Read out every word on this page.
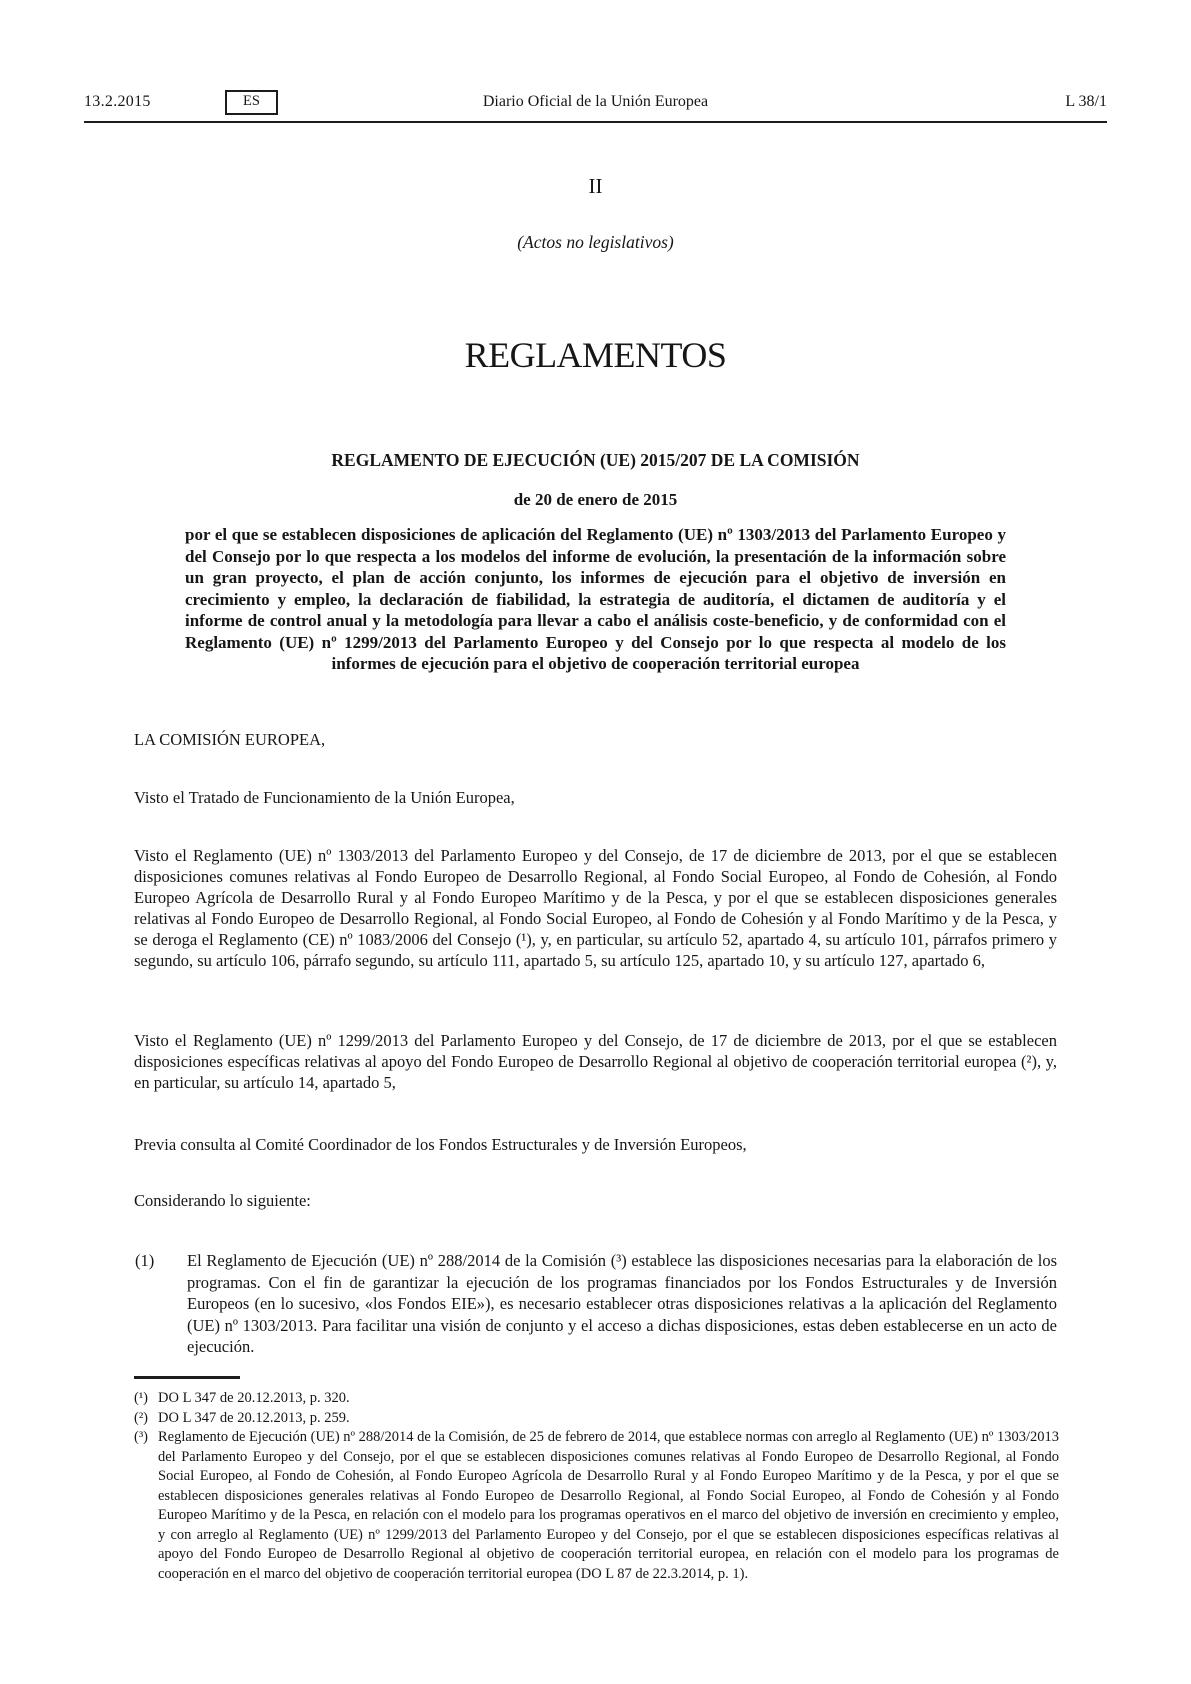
13.2.2015	ES	Diario Oficial de la Unión Europea	L 38/1
II
(Actos no legislativos)
REGLAMENTOS
REGLAMENTO DE EJECUCIÓN (UE) 2015/207 DE LA COMISIÓN
de 20 de enero de 2015
por el que se establecen disposiciones de aplicación del Reglamento (UE) nº 1303/2013 del Parlamento Europeo y del Consejo por lo que respecta a los modelos del informe de evolución, la presentación de la información sobre un gran proyecto, el plan de acción conjunto, los informes de ejecución para el objetivo de inversión en crecimiento y empleo, la declaración de fiabilidad, la estrategia de auditoría, el dictamen de auditoría y el informe de control anual y la metodología para llevar a cabo el análisis coste-beneficio, y de conformidad con el Reglamento (UE) nº 1299/2013 del Parlamento Europeo y del Consejo por lo que respecta al modelo de los informes de ejecución para el objetivo de cooperación territorial europea
LA COMISIÓN EUROPEA,
Visto el Tratado de Funcionamiento de la Unión Europea,
Visto el Reglamento (UE) nº 1303/2013 del Parlamento Europeo y del Consejo, de 17 de diciembre de 2013, por el que se establecen disposiciones comunes relativas al Fondo Europeo de Desarrollo Regional, al Fondo Social Europeo, al Fondo de Cohesión, al Fondo Europeo Agrícola de Desarrollo Rural y al Fondo Europeo Marítimo y de la Pesca, y por el que se establecen disposiciones generales relativas al Fondo Europeo de Desarrollo Regional, al Fondo Social Europeo, al Fondo de Cohesión y al Fondo Marítimo y de la Pesca, y se deroga el Reglamento (CE) nº 1083/2006 del Consejo (¹), y, en particular, su artículo 52, apartado 4, su artículo 101, párrafos primero y segundo, su artículo 106, párrafo segundo, su artículo 111, apartado 5, su artículo 125, apartado 10, y su artículo 127, apartado 6,
Visto el Reglamento (UE) nº 1299/2013 del Parlamento Europeo y del Consejo, de 17 de diciembre de 2013, por el que se establecen disposiciones específicas relativas al apoyo del Fondo Europeo de Desarrollo Regional al objetivo de cooperación territorial europea (²), y, en particular, su artículo 14, apartado 5,
Previa consulta al Comité Coordinador de los Fondos Estructurales y de Inversión Europeos,
Considerando lo siguiente:
(1)	El Reglamento de Ejecución (UE) nº 288/2014 de la Comisión (³) establece las disposiciones necesarias para la elaboración de los programas. Con el fin de garantizar la ejecución de los programas financiados por los Fondos Estructurales y de Inversión Europeos (en lo sucesivo, «los Fondos EIE»), es necesario establecer otras disposiciones relativas a la aplicación del Reglamento (UE) nº 1303/2013. Para facilitar una visión de conjunto y el acceso a dichas disposiciones, estas deben establecerse en un acto de ejecución.
(¹) DO L 347 de 20.12.2013, p. 320.
(²) DO L 347 de 20.12.2013, p. 259.
(³) Reglamento de Ejecución (UE) nº 288/2014 de la Comisión, de 25 de febrero de 2014, que establece normas con arreglo al Reglamento (UE) nº 1303/2013 del Parlamento Europeo y del Consejo, por el que se establecen disposiciones comunes relativas al Fondo Europeo de Desarrollo Regional, al Fondo Social Europeo, al Fondo de Cohesión, al Fondo Europeo Agrícola de Desarrollo Rural y al Fondo Europeo Marítimo y de la Pesca, y por el que se establecen disposiciones generales relativas al Fondo Europeo de Desarrollo Regional, al Fondo Social Europeo, al Fondo de Cohesión y al Fondo Europeo Marítimo y de la Pesca, en relación con el modelo para los programas operativos en el marco del objetivo de inversión en crecimiento y empleo, y con arreglo al Reglamento (UE) nº 1299/2013 del Parlamento Europeo y del Consejo, por el que se establecen disposiciones específicas relativas al apoyo del Fondo Europeo de Desarrollo Regional al objetivo de cooperación territorial europea, en relación con el modelo para los programas de cooperación en el marco del objetivo de cooperación territorial europea (DO L 87 de 22.3.2014, p. 1).
